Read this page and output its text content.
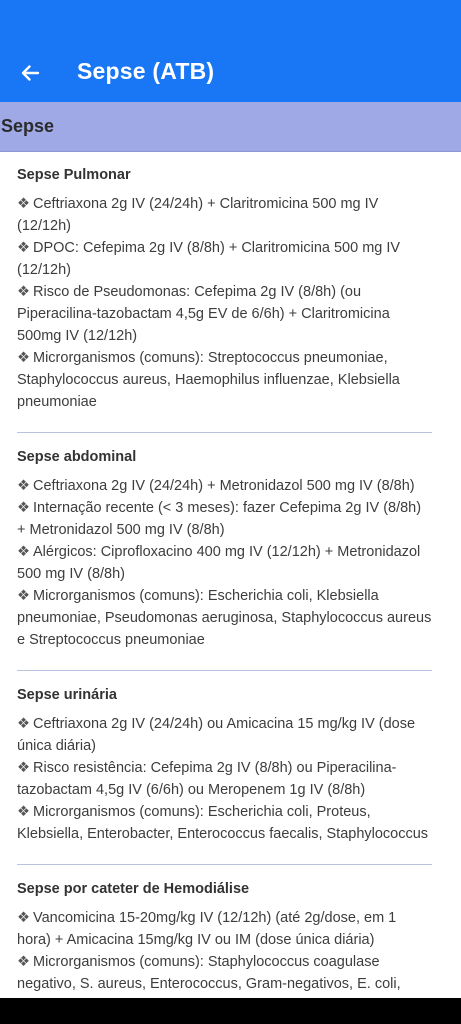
Sepse (ATB)
Sepse
Sepse Pulmonar
❖ Ceftriaxona 2g IV (24/24h) + Claritromicina 500 mg IV (12/12h)
❖ DPOC: Cefepima 2g IV (8/8h) + Claritromicina 500 mg IV (12/12h)
❖ Risco de Pseudomonas: Cefepima 2g IV (8/8h) (ou Piperacilina-tazobactam 4,5g EV de 6/6h) + Claritromicina 500mg IV (12/12h)
❖ Microrganismos (comuns): Streptococcus pneumoniae, Staphylococcus aureus, Haemophilus influenzae, Klebsiella pneumoniae
Sepse abdominal
❖ Ceftriaxona 2g IV (24/24h) + Metronidazol 500 mg IV (8/8h)
❖ Internação recente (< 3 meses): fazer Cefepima 2g IV (8/8h) + Metronidazol 500 mg IV (8/8h)
❖ Alérgicos: Ciprofloxacino 400 mg IV (12/12h) + Metronidazol 500 mg IV (8/8h)
❖ Microrganismos (comuns): Escherichia coli, Klebsiella pneumoniae, Pseudomonas aeruginosa, Staphylococcus aureus e Streptococcus pneumoniae
Sepse urinária
❖ Ceftriaxona 2g IV (24/24h) ou Amicacina 15 mg/kg IV (dose única diária)
❖ Risco resistência: Cefepima 2g IV (8/8h) ou Piperacilina-tazobactam 4,5g IV (6/6h) ou Meropenem 1g IV (8/8h)
❖ Microrganismos (comuns): Escherichia coli, Proteus, Klebsiella, Enterobacter, Enterococcus faecalis, Staphylococcus
Sepse por cateter de Hemodiálise
❖ Vancomicina 15-20mg/kg IV (12/12h) (até 2g/dose, em 1 hora) + Amicacina 15mg/kg IV ou IM (dose única diária)
❖ Microrganismos (comuns): Staphylococcus coagulase negativo, S. aureus, Enterococcus, Gram-negativos, E. coli,
